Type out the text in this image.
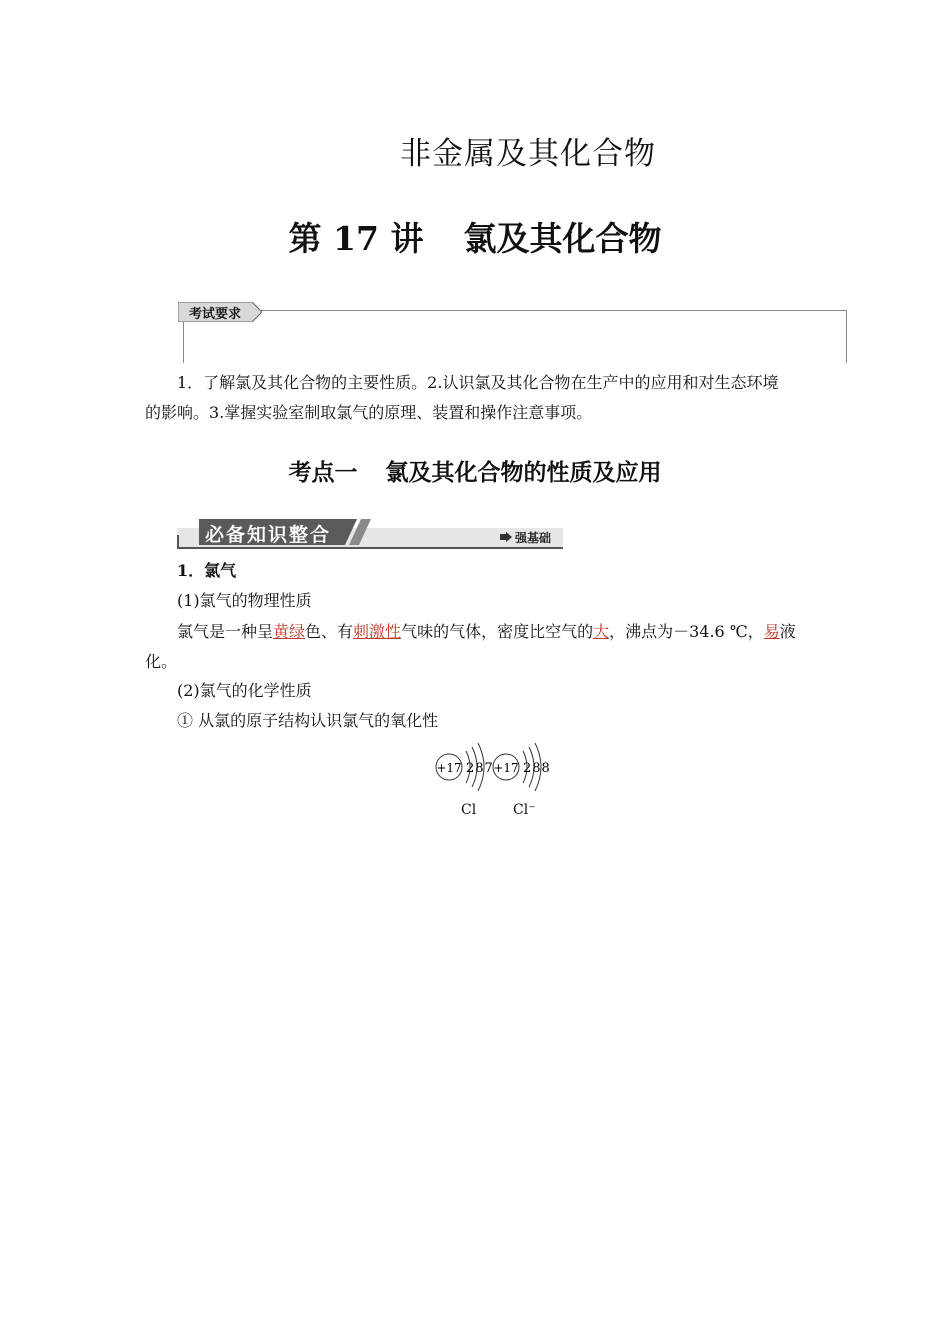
非金属及其化合物
第 17 讲 氯及其化合物
考试要求
1．了解氯及其化合物的主要性质。2.认识氯及其化合物在生产中的应用和对生态环境
的影响。3.掌握实验室制取氯气的原理、装置和操作注意事项。
考点一 氯及其化合物的性质及应用
必备知识整合	强基础
1．氯气
(1)氯气的物理性质
氯气是一种呈黄绿色、有刺激性气味的气体，密度比空气的大，沸点为－34.6 ℃，易液化。
(2)氯气的化学性质
① 从氯的原子结构认识氯气的氧化性
+17 287 +17 288
Cl	Cl⁻
